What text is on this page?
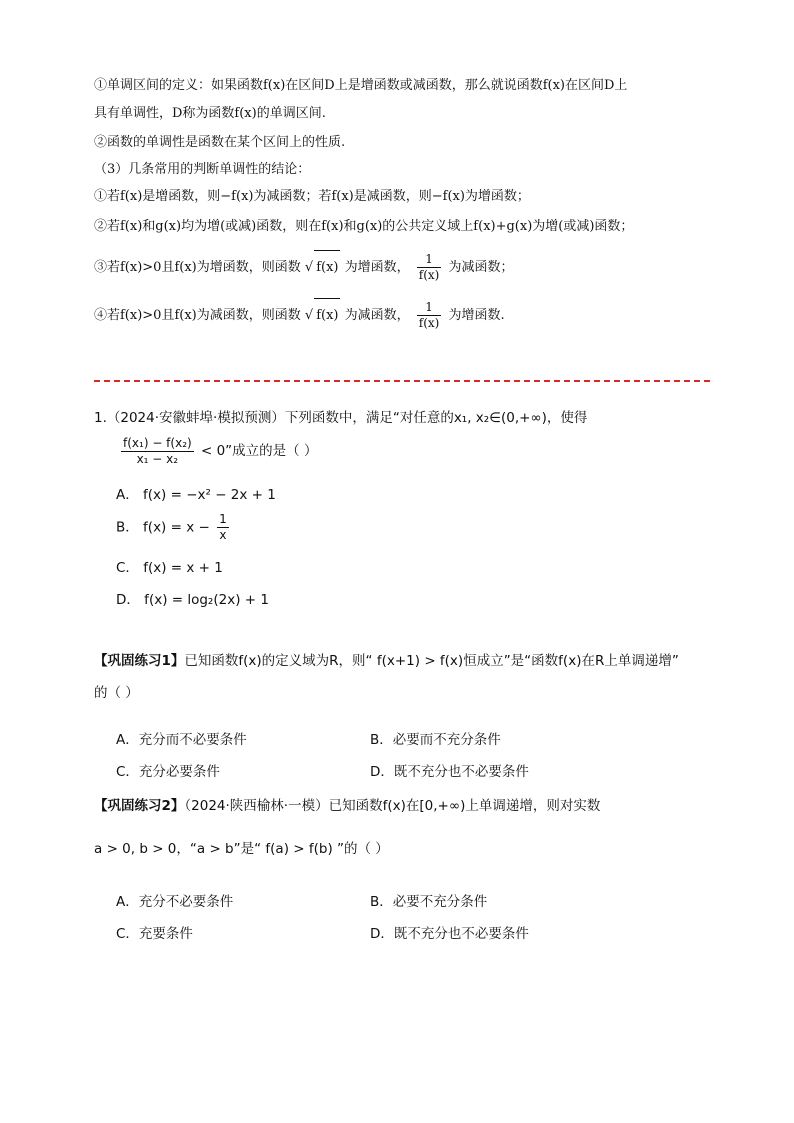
①单调区间的定义：如果函数f(x)在区间D上是增函数或减函数，那么就说函数f(x)在区间D上
具有单调性，D称为函数f(x)的单调区间.
②函数的单调性是函数在某个区间上的性质.
（3）几条常用的判断单调性的结论：
①若f(x)是增函数，则−f(x)为减函数；若f(x)是减函数，则−f(x)为增函数；
②若f(x)和g(x)均为增(或减)函数，则在f(x)和g(x)的公共定义域上f(x)+g(x)为增(或减)函数；
③若f(x)>0且f(x)为增函数，则函数 √ f(x) 为增函数， $\frac{1}{f(x)}$ 为减函数；
④若f(x)>0且f(x)为减函数，则函数 √ f(x) 为减函数， $\frac{1}{f(x)}$ 为增函数.
1.（2024·安徽蚌埠·模拟预测）下列函数中，满足“对任意的x₁, x₂∈(0,+∞)，使得
$\frac{\text{f(x₁) − f(x₂)}}{\text{x₁ − x₂}} < 0$”成立的是（ ）
A． f(x) = −x² − 2x + 1
B． $f(x) = x - \frac{1}{x}$
C． f(x) = x + 1
D． f(x) = log₂(2x) + 1
【巩固练习1】已知函数f(x)的定义域为R，则“ f(x+1) > f(x)恒成立”是“函数f(x)在R上单调递增”
的（ ）
A．充分而不必要条件	B．必要而不充分条件
C．充分必要条件	D．既不充分也不必要条件
【巩固练习2】（2024·陕西榆林·一模）已知函数f(x)在[0,+∞)上单调递增，则对实数
a > 0, b > 0，“a > b”是“ f(a) > f(b) ”的（ ）
A．充分不必要条件	B．必要不充分条件
C．充要条件	D．既不充分也不必要条件
